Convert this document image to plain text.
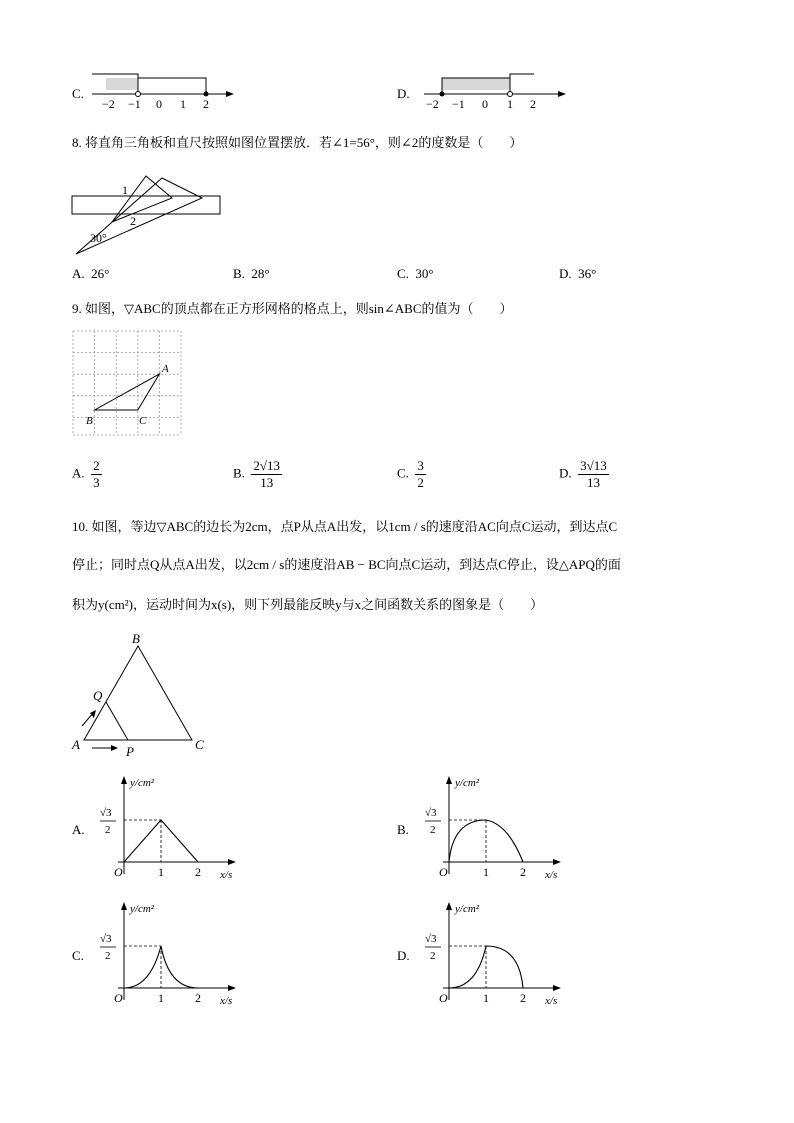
C.
−2 −1 0 1 2
D.
−2 −1 0 1 2
8. 将直角三角板和直尺按照如图位置摆放．若∠1=56°，则∠2的度数是（　　）
1
2
30°
A. 26°	B. 28°	C. 30°	D. 36°
9. 如图，▽ABC的顶点都在正方形网格的格点上，则sin∠ABC的值为（　　）
A
B	C
A. $\frac{2}{3}$	B. $\frac{2√13}{13}$	C. $\frac{3}{2}$	D. $\frac{3√13}{13}$
10. 如图，等边▽ABC的边长为2cm，点P从点A出发，以1cm / s的速度沿AC向点C运动，到达点C
停止；同时点Q从点A出发，以2cm / s的速度沿AB − BC向点C运动，到达点C停止，设△APQ的面
积为y(cm²)，运动时间为x(s)，则下列最能反映y与x之间函数关系的图象是（　　）
B
Q
A	P	C
A.	B.
C.	D.
y/cm²
x/s
O	1	2
√3
2
y/cm²
x/s
O	1	2
√3
2
y/cm²
x/s
O	1	2
√3
2
y/cm²
x/s
O	1	2
√3
2
